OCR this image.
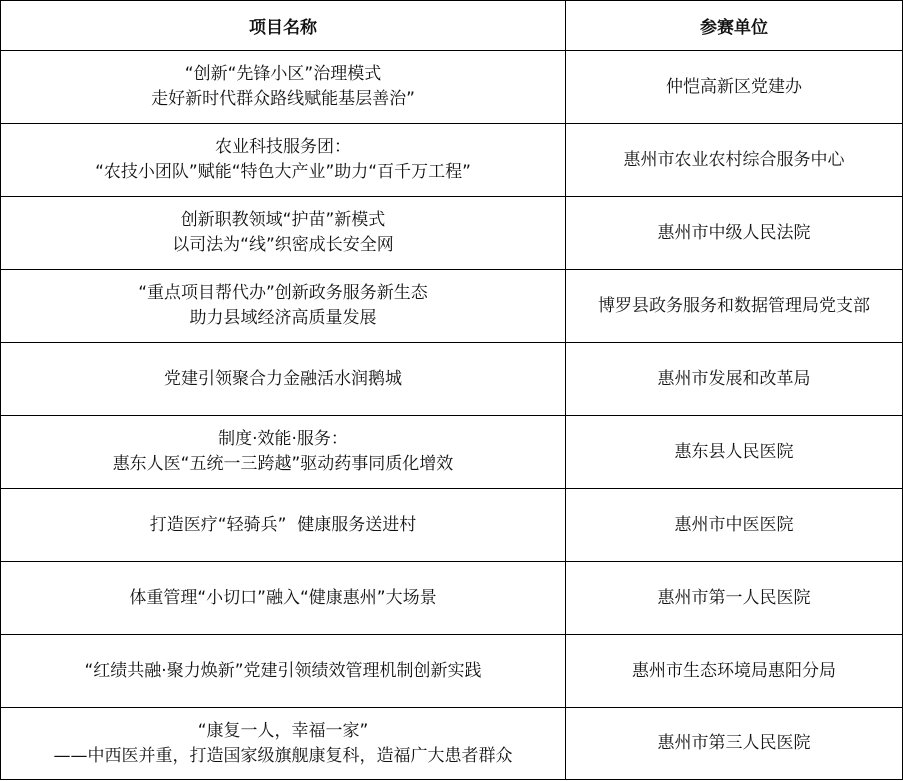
项目名称	参赛单位

“创新“先锋小区”治理模式
走好新时代群众路线赋能基层善治”	仲恺高新区党建办

农业科技服务团：
“农技小团队”赋能“特色大产业”助力“百千万工程”	惠州市农业农村综合服务中心

创新职教领域“护苗”新模式
以司法为“线”织密成长安全网	惠州市中级人民法院

“重点项目帮代办”创新政务服务新生态
助力县域经济高质量发展	博罗县政务服务和数据管理局党支部

党建引领聚合力金融活水润鹅城	惠州市发展和改革局

制度·效能·服务：
惠东人医“五统一三跨越”驱动药事同质化增效	惠东县人民医院

打造医疗“轻骑兵”  健康服务送进村	惠州市中医医院

体重管理“小切口”融入“健康惠州”大场景	惠州市第一人民医院

“红绩共融·聚力焕新”党建引领绩效管理机制创新实践	惠州市生态环境局惠阳分局

“康复一人，幸福一家”
——中西医并重，打造国家级旗舰康复科，造福广大患者群众	惠州市第三人民医院
